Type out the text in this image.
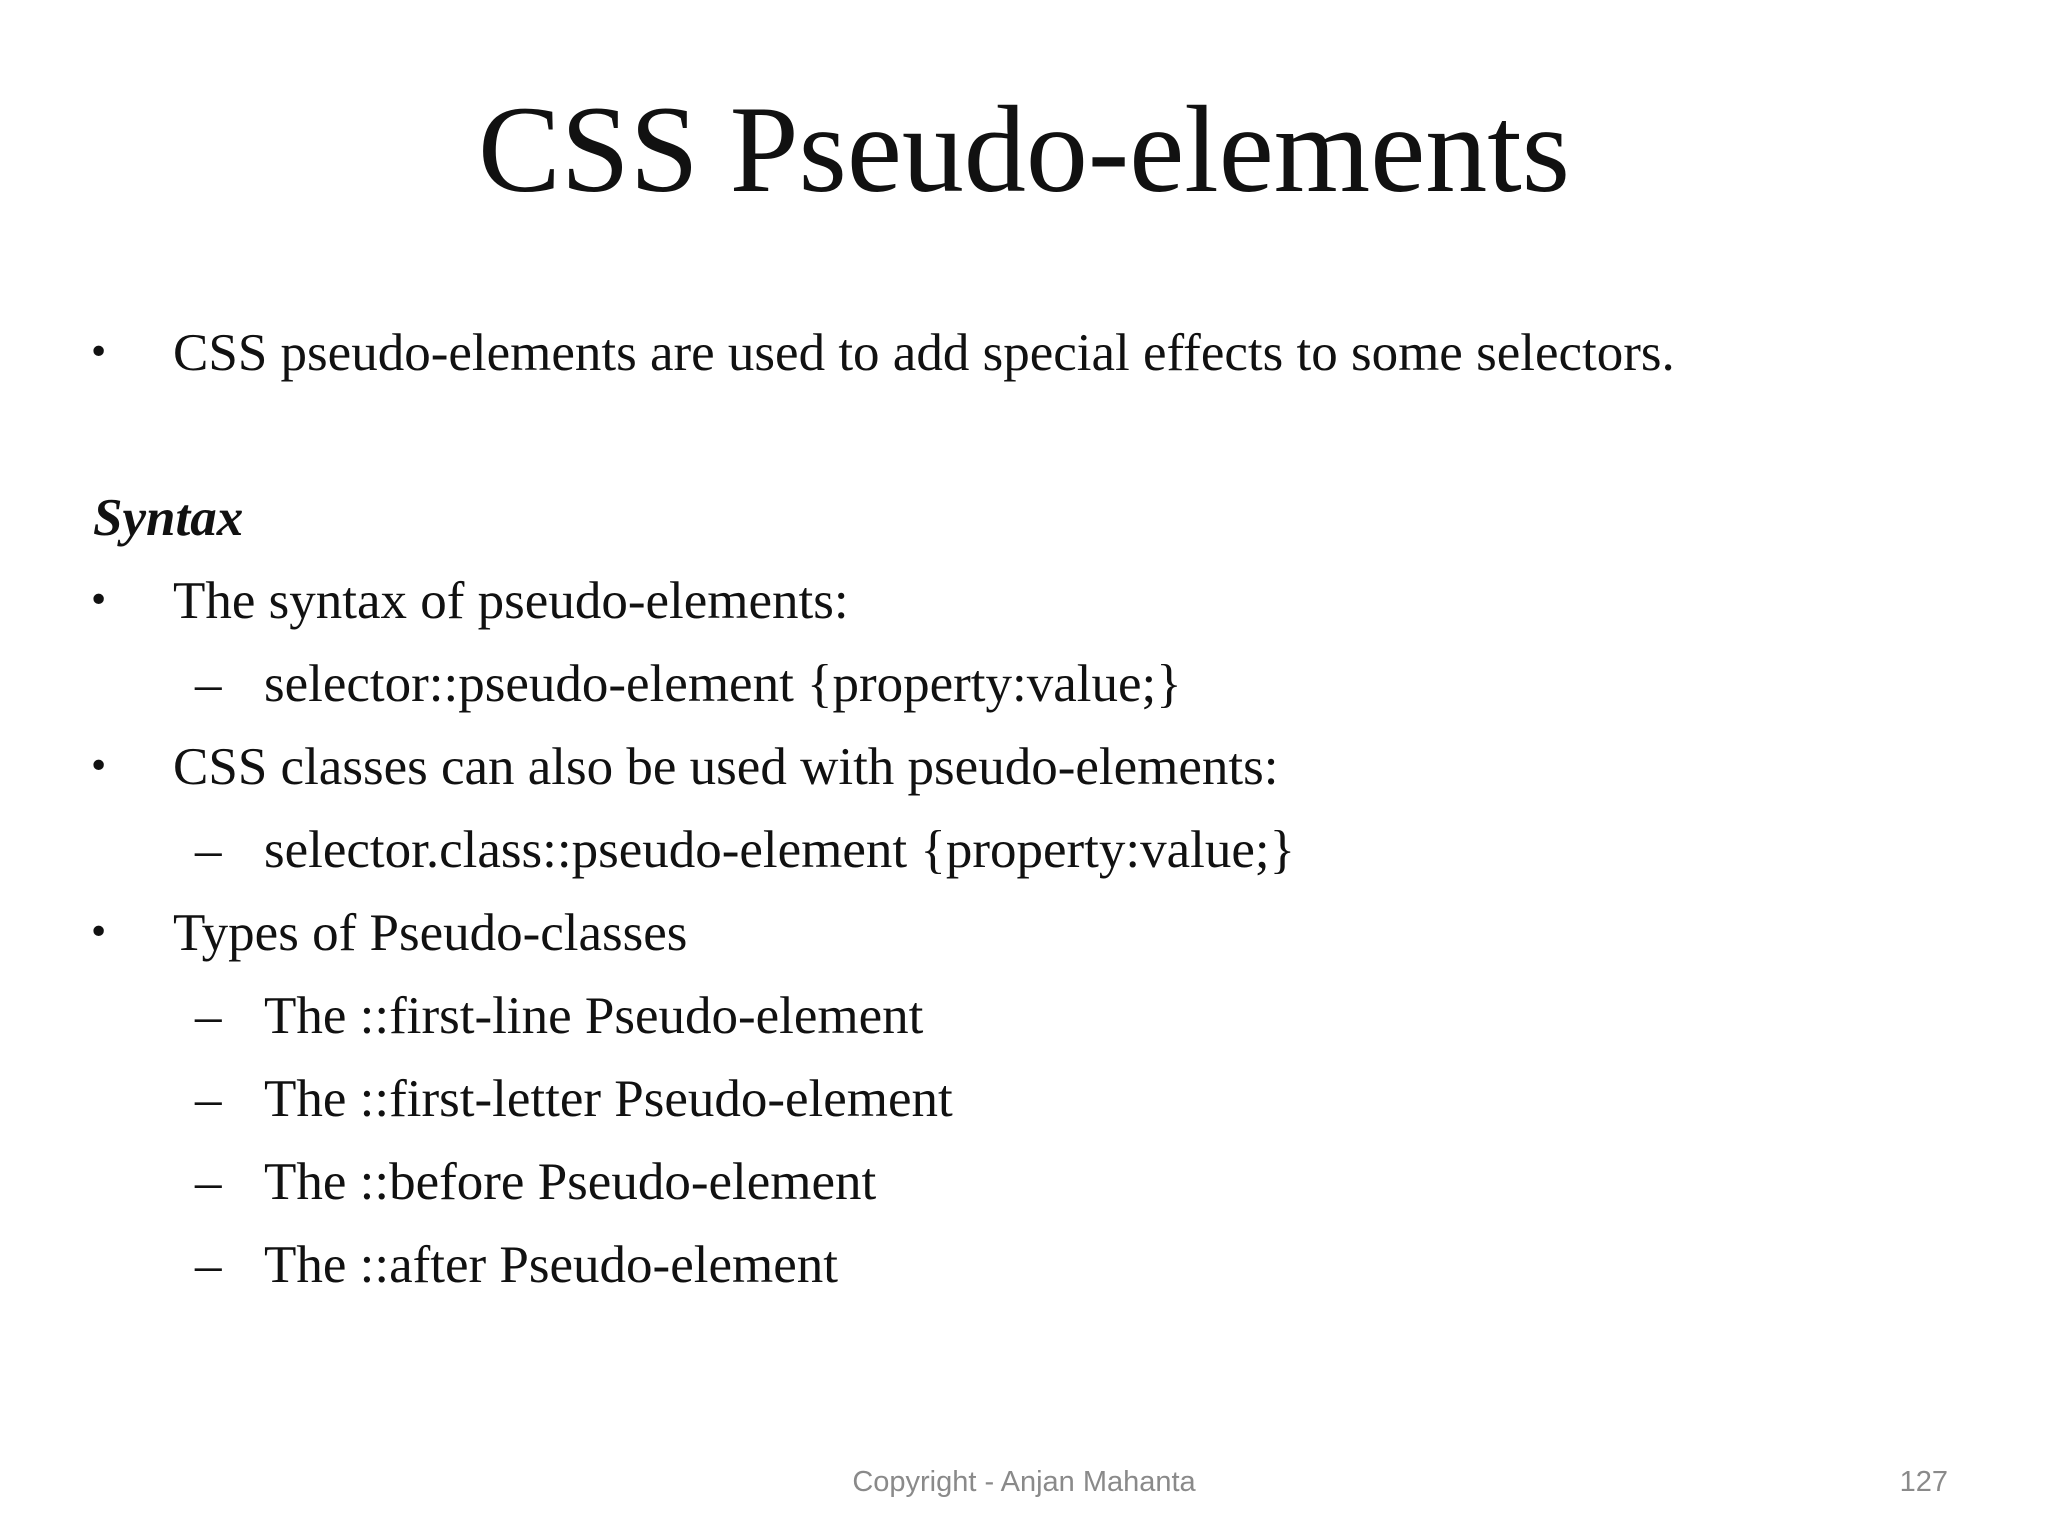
CSS Pseudo-elements
• CSS pseudo-elements are used to add special effects to some selectors.
Syntax
• The syntax of pseudo-elements:
– selector::pseudo-element {property:value;}
• CSS classes can also be used with pseudo-elements:
– selector.class::pseudo-element {property:value;}
• Types of Pseudo-classes
– The ::first-line Pseudo-element
– The ::first-letter Pseudo-element
– The ::before Pseudo-element
– The ::after Pseudo-element
Copyright - Anjan Mahanta	127
